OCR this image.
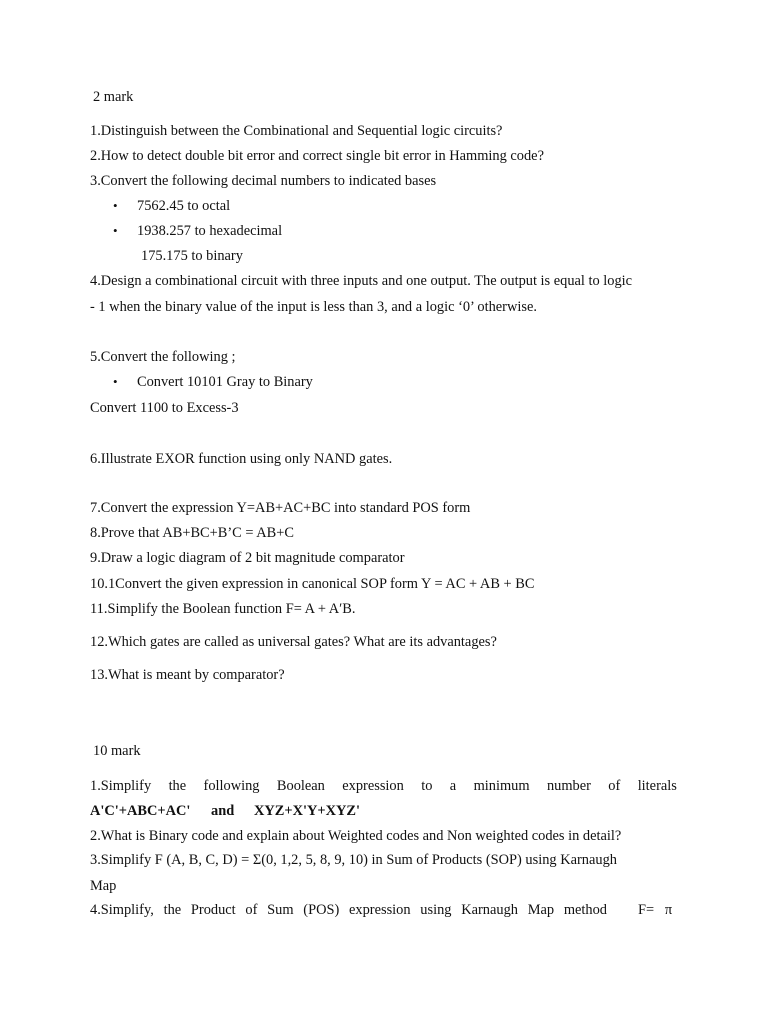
2 mark
1.Distinguish between the Combinational and Sequential logic circuits?
2.How to detect double bit error and correct single bit error in Hamming code?
3.Convert the following decimal numbers to indicated bases
• 7562.45 to octal
• 1938.257 to hexadecimal
175.175 to binary
4.Design a combinational circuit with three inputs and one output. The output is equal to logic
- 1 when the binary value of the input is less than 3, and a logic ‘0’ otherwise.
5.Convert the following ;
• Convert 10101 Gray to Binary
Convert 1100 to Excess-3
6.Illustrate EXOR function using only NAND gates.
7.Convert the expression Y=AB+AC+BC into standard POS form
8.Prove that AB+BC+B’C = AB+C
9.Draw a logic diagram of 2 bit magnitude comparator
10.1Convert the given expression in canonical SOP form Y = AC + AB + BC
11.Simplify the Boolean function F= A + A′B.
12.Which gates are called as universal gates? What are its advantages?
13.What is meant by comparator?
10 mark
1.Simplify the following Boolean expression to a minimum number of literals
A'C'+ABC+AC' and XYZ+X'Y+XYZ'
2.What is Binary code and explain about Weighted codes and Non weighted codes in detail?
3.Simplify F (A, B, C, D) = Σ(0, 1,2, 5, 8, 9, 10) in Sum of Products (SOP) using Karnaugh
Map
4.Simplify, the Product of Sum (POS) expression using Karnaugh Map method F=   π
